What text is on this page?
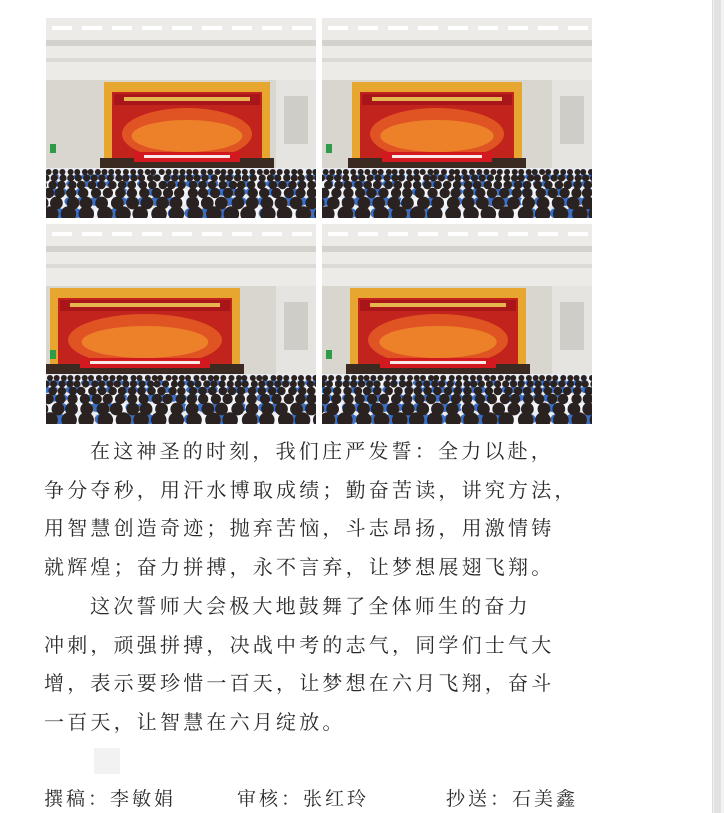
在这神圣的时刻，我们庄严发誓：全力以赴，
争分夺秒，用汗水博取成绩；勤奋苦读，讲究方法，
用智慧创造奇迹；抛弃苦恼，斗志昂扬，用激情铸
就辉煌；奋力拼搏，永不言弃，让梦想展翅飞翔。
这次誓师大会极大地鼓舞了全体师生的奋力
冲刺，顽强拼搏，决战中考的志气，同学们士气大
增，表示要珍惜一百天，让梦想在六月飞翔，奋斗
一百天，让智慧在六月绽放。
撰稿：李敏娟	审核：张红玲	抄送：石美鑫
